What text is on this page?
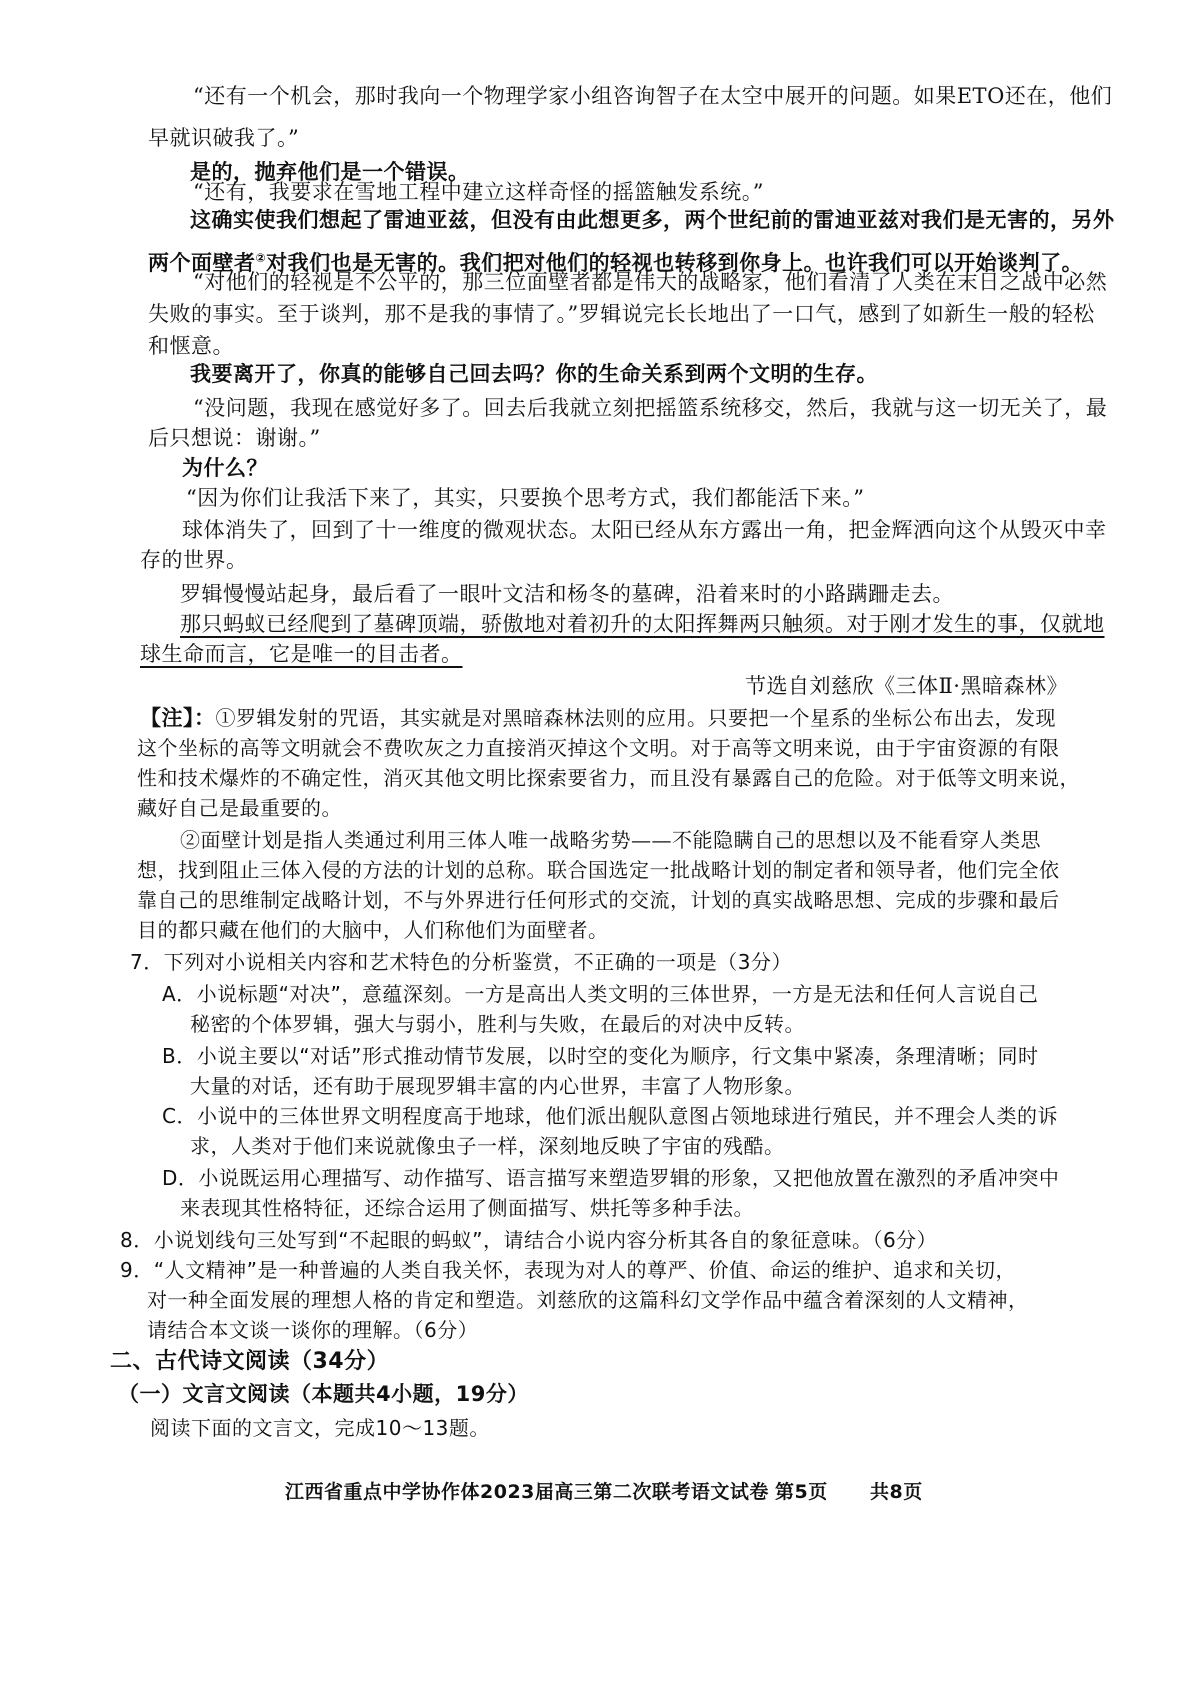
“还有一个机会，那时我向一个物理学家小组咨询智子在太空中展开的问题。如果ETO还在，他们
早就识破我了。”
是的，抛弃他们是一个错误。
“还有，我要求在雪地工程中建立这样奇怪的摇篮触发系统。”
这确实使我们想起了雷迪亚兹，但没有由此想更多，两个世纪前的雷迪亚兹对我们是无害的，另外
两个面壁者②对我们也是无害的。我们把对他们的轻视也转移到你身上。也许我们可以开始谈判了。
“对他们的轻视是不公平的，那三位面壁者都是伟大的战略家，他们看清了人类在末日之战中必然
失败的事实。至于谈判，那不是我的事情了。”罗辑说完长长地出了一口气，感到了如新生一般的轻松
和惬意。
我要离开了，你真的能够自己回去吗？你的生命关系到两个文明的生存。
“没问题，我现在感觉好多了。回去后我就立刻把摇篮系统移交，然后，我就与这一切无关了，最
后只想说：谢谢。”
为什么？
“因为你们让我活下来了，其实，只要换个思考方式，我们都能活下来。”
球体消失了，回到了十一维度的微观状态。太阳已经从东方露出一角，把金辉洒向这个从毁灭中幸
存的世界。
罗辑慢慢站起身，最后看了一眼叶文洁和杨冬的墓碑，沿着来时的小路蹒跚走去。
那只蚂蚁已经爬到了墓碑顶端，骄傲地对着初升的太阳挥舞两只触须。对于刚才发生的事，仅就地
球生命而言，它是唯一的目击者。
节选自刘慈欣《三体Ⅱ·黑暗森林》
【注】：①罗辑发射的咒语，其实就是对黑暗森林法则的应用。只要把一个星系的坐标公布出去，发现
这个坐标的高等文明就会不费吹灰之力直接消灭掉这个文明。对于高等文明来说，由于宇宙资源的有限
性和技术爆炸的不确定性，消灭其他文明比探索要省力，而且没有暴露自己的危险。对于低等文明来说，
藏好自己是最重要的。
②面壁计划是指人类通过利用三体人唯一战略劣势——不能隐瞒自己的思想以及不能看穿人类思
想，找到阻止三体入侵的方法的计划的总称。联合国选定一批战略计划的制定者和领导者，他们完全依
靠自己的思维制定战略计划，不与外界进行任何形式的交流，计划的真实战略思想、完成的步骤和最后
目的都只藏在他们的大脑中，人们称他们为面壁者。
7．下列对小说相关内容和艺术特色的分析鉴赏，不正确的一项是（3分）
A．小说标题“对决”，意蕴深刻。一方是高出人类文明的三体世界，一方是无法和任何人言说自己
秘密的个体罗辑，强大与弱小，胜利与失败，在最后的对决中反转。
B．小说主要以“对话”形式推动情节发展，以时空的变化为顺序，行文集中紧凑，条理清晰；同时
大量的对话，还有助于展现罗辑丰富的内心世界，丰富了人物形象。
C．小说中的三体世界文明程度高于地球，他们派出舰队意图占领地球进行殖民，并不理会人类的诉
求，人类对于他们来说就像虫子一样，深刻地反映了宇宙的残酷。
D．小说既运用心理描写、动作描写、语言描写来塑造罗辑的形象，又把他放置在激烈的矛盾冲突中
来表现其性格特征，还综合运用了侧面描写、烘托等多种手法。
8．小说划线句三处写到“不起眼的蚂蚁”，请结合小说内容分析其各自的象征意味。（6分）
9．“人文精神”是一种普遍的人类自我关怀，表现为对人的尊严、价值、命运的维护、追求和关切，
对一种全面发展的理想人格的肯定和塑造。刘慈欣的这篇科幻文学作品中蕴含着深刻的人文精神，
请结合本文谈一谈你的理解。（6分）
二、古代诗文阅读（34分）
（一）文言文阅读（本题共4小题，19分）
阅读下面的文言文，完成10～13题。
江西省重点中学协作体2023届高三第二次联考语文试卷 第5页 共8页
